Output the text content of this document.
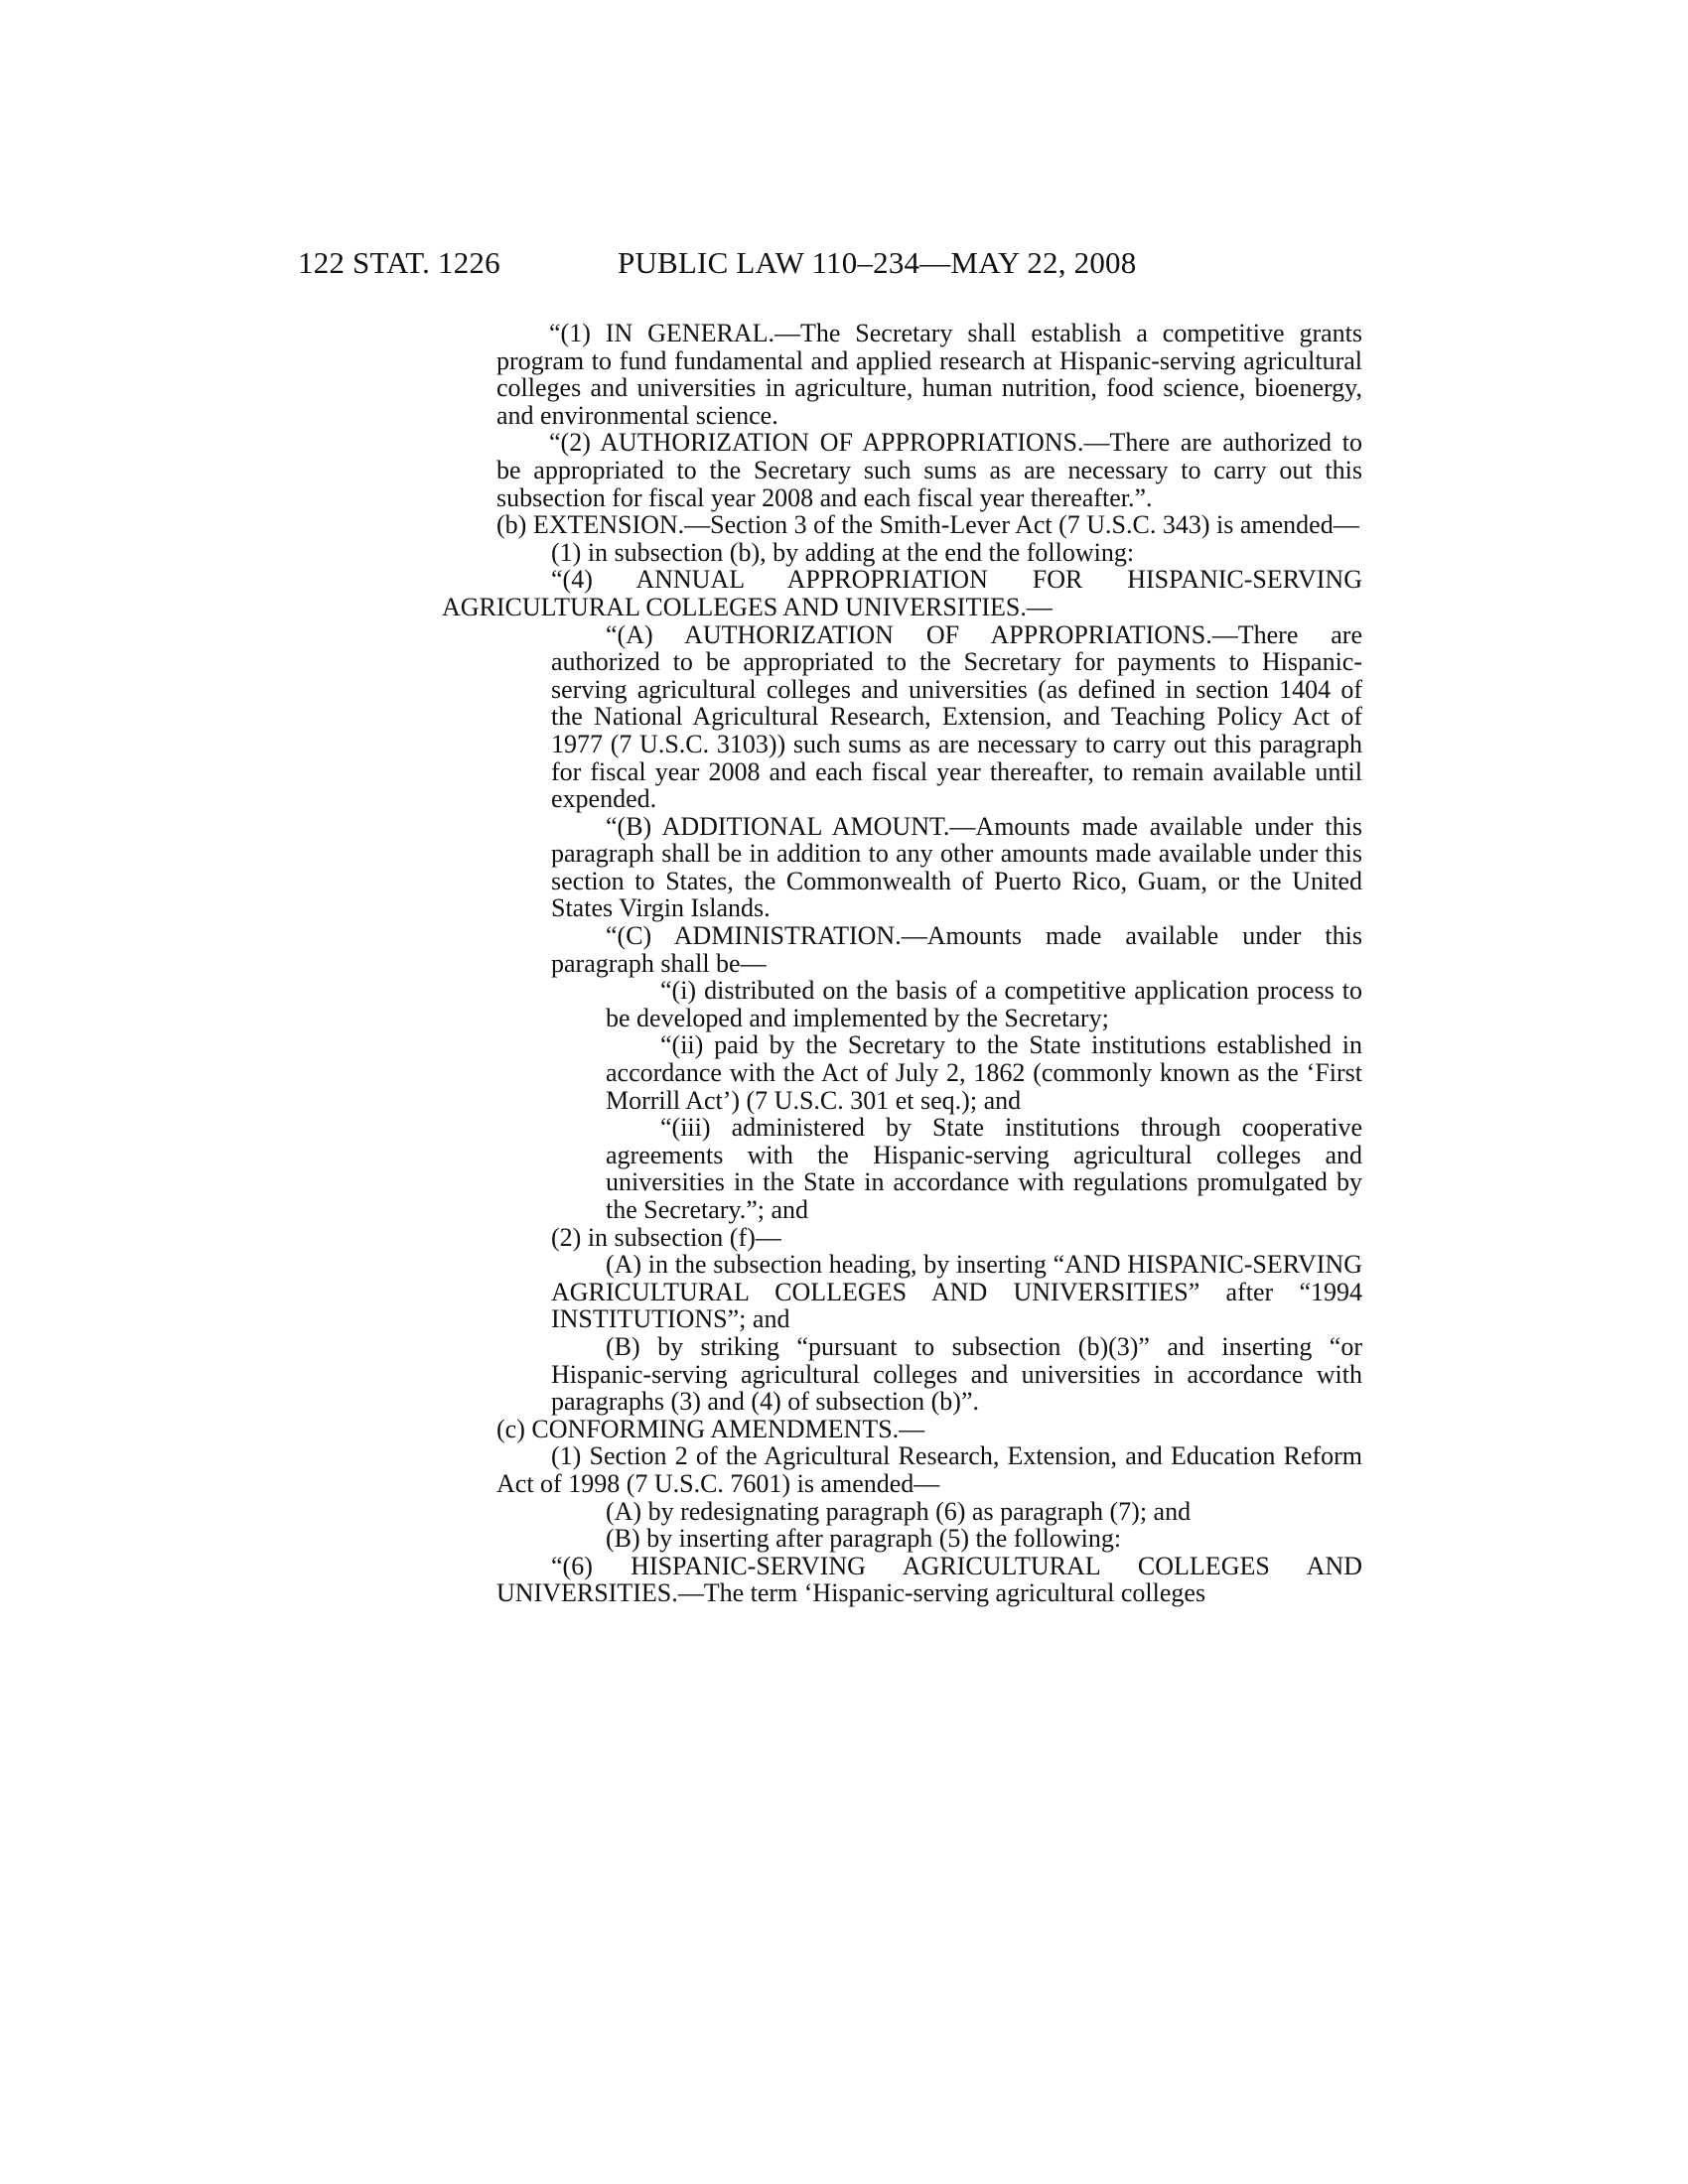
122 STAT. 1226	PUBLIC LAW 110–234—MAY 22, 2008

“(1) IN GENERAL.—The Secretary shall establish a competitive grants program to fund fundamental and applied research at Hispanic-serving agricultural colleges and universities in agriculture, human nutrition, food science, bioenergy, and environmental science.

“(2) AUTHORIZATION OF APPROPRIATIONS.—There are authorized to be appropriated to the Secretary such sums as are necessary to carry out this subsection for fiscal year 2008 and each fiscal year thereafter.”.

(b) EXTENSION.—Section 3 of the Smith-Lever Act (7 U.S.C. 343) is amended—

(1) in subsection (b), by adding at the end the following:

“(4) ANNUAL APPROPRIATION FOR HISPANIC-SERVING AGRICULTURAL COLLEGES AND UNIVERSITIES.—

“(A) AUTHORIZATION OF APPROPRIATIONS.—There are authorized to be appropriated to the Secretary for payments to Hispanic-serving agricultural colleges and universities (as defined in section 1404 of the National Agricultural Research, Extension, and Teaching Policy Act of 1977 (7 U.S.C. 3103)) such sums as are necessary to carry out this paragraph for fiscal year 2008 and each fiscal year thereafter, to remain available until expended.

“(B) ADDITIONAL AMOUNT.—Amounts made available under this paragraph shall be in addition to any other amounts made available under this section to States, the Commonwealth of Puerto Rico, Guam, or the United States Virgin Islands.

“(C) ADMINISTRATION.—Amounts made available under this paragraph shall be—

“(i) distributed on the basis of a competitive application process to be developed and implemented by the Secretary;

“(ii) paid by the Secretary to the State institutions established in accordance with the Act of July 2, 1862 (commonly known as the ‘First Morrill Act’) (7 U.S.C. 301 et seq.); and

“(iii) administered by State institutions through cooperative agreements with the Hispanic-serving agricultural colleges and universities in the State in accordance with regulations promulgated by the Secretary.”; and

(2) in subsection (f)—

(A) in the subsection heading, by inserting “AND HISPANIC-SERVING AGRICULTURAL COLLEGES AND UNIVERSITIES” after “1994 INSTITUTIONS”; and

(B) by striking “pursuant to subsection (b)(3)” and inserting “or Hispanic-serving agricultural colleges and universities in accordance with paragraphs (3) and (4) of subsection (b)”.

(c) CONFORMING AMENDMENTS.—

(1) Section 2 of the Agricultural Research, Extension, and Education Reform Act of 1998 (7 U.S.C. 7601) is amended—

(A) by redesignating paragraph (6) as paragraph (7); and

(B) by inserting after paragraph (5) the following:

“(6) HISPANIC-SERVING AGRICULTURAL COLLEGES AND UNIVERSITIES.—The term ‘Hispanic-serving agricultural colleges
